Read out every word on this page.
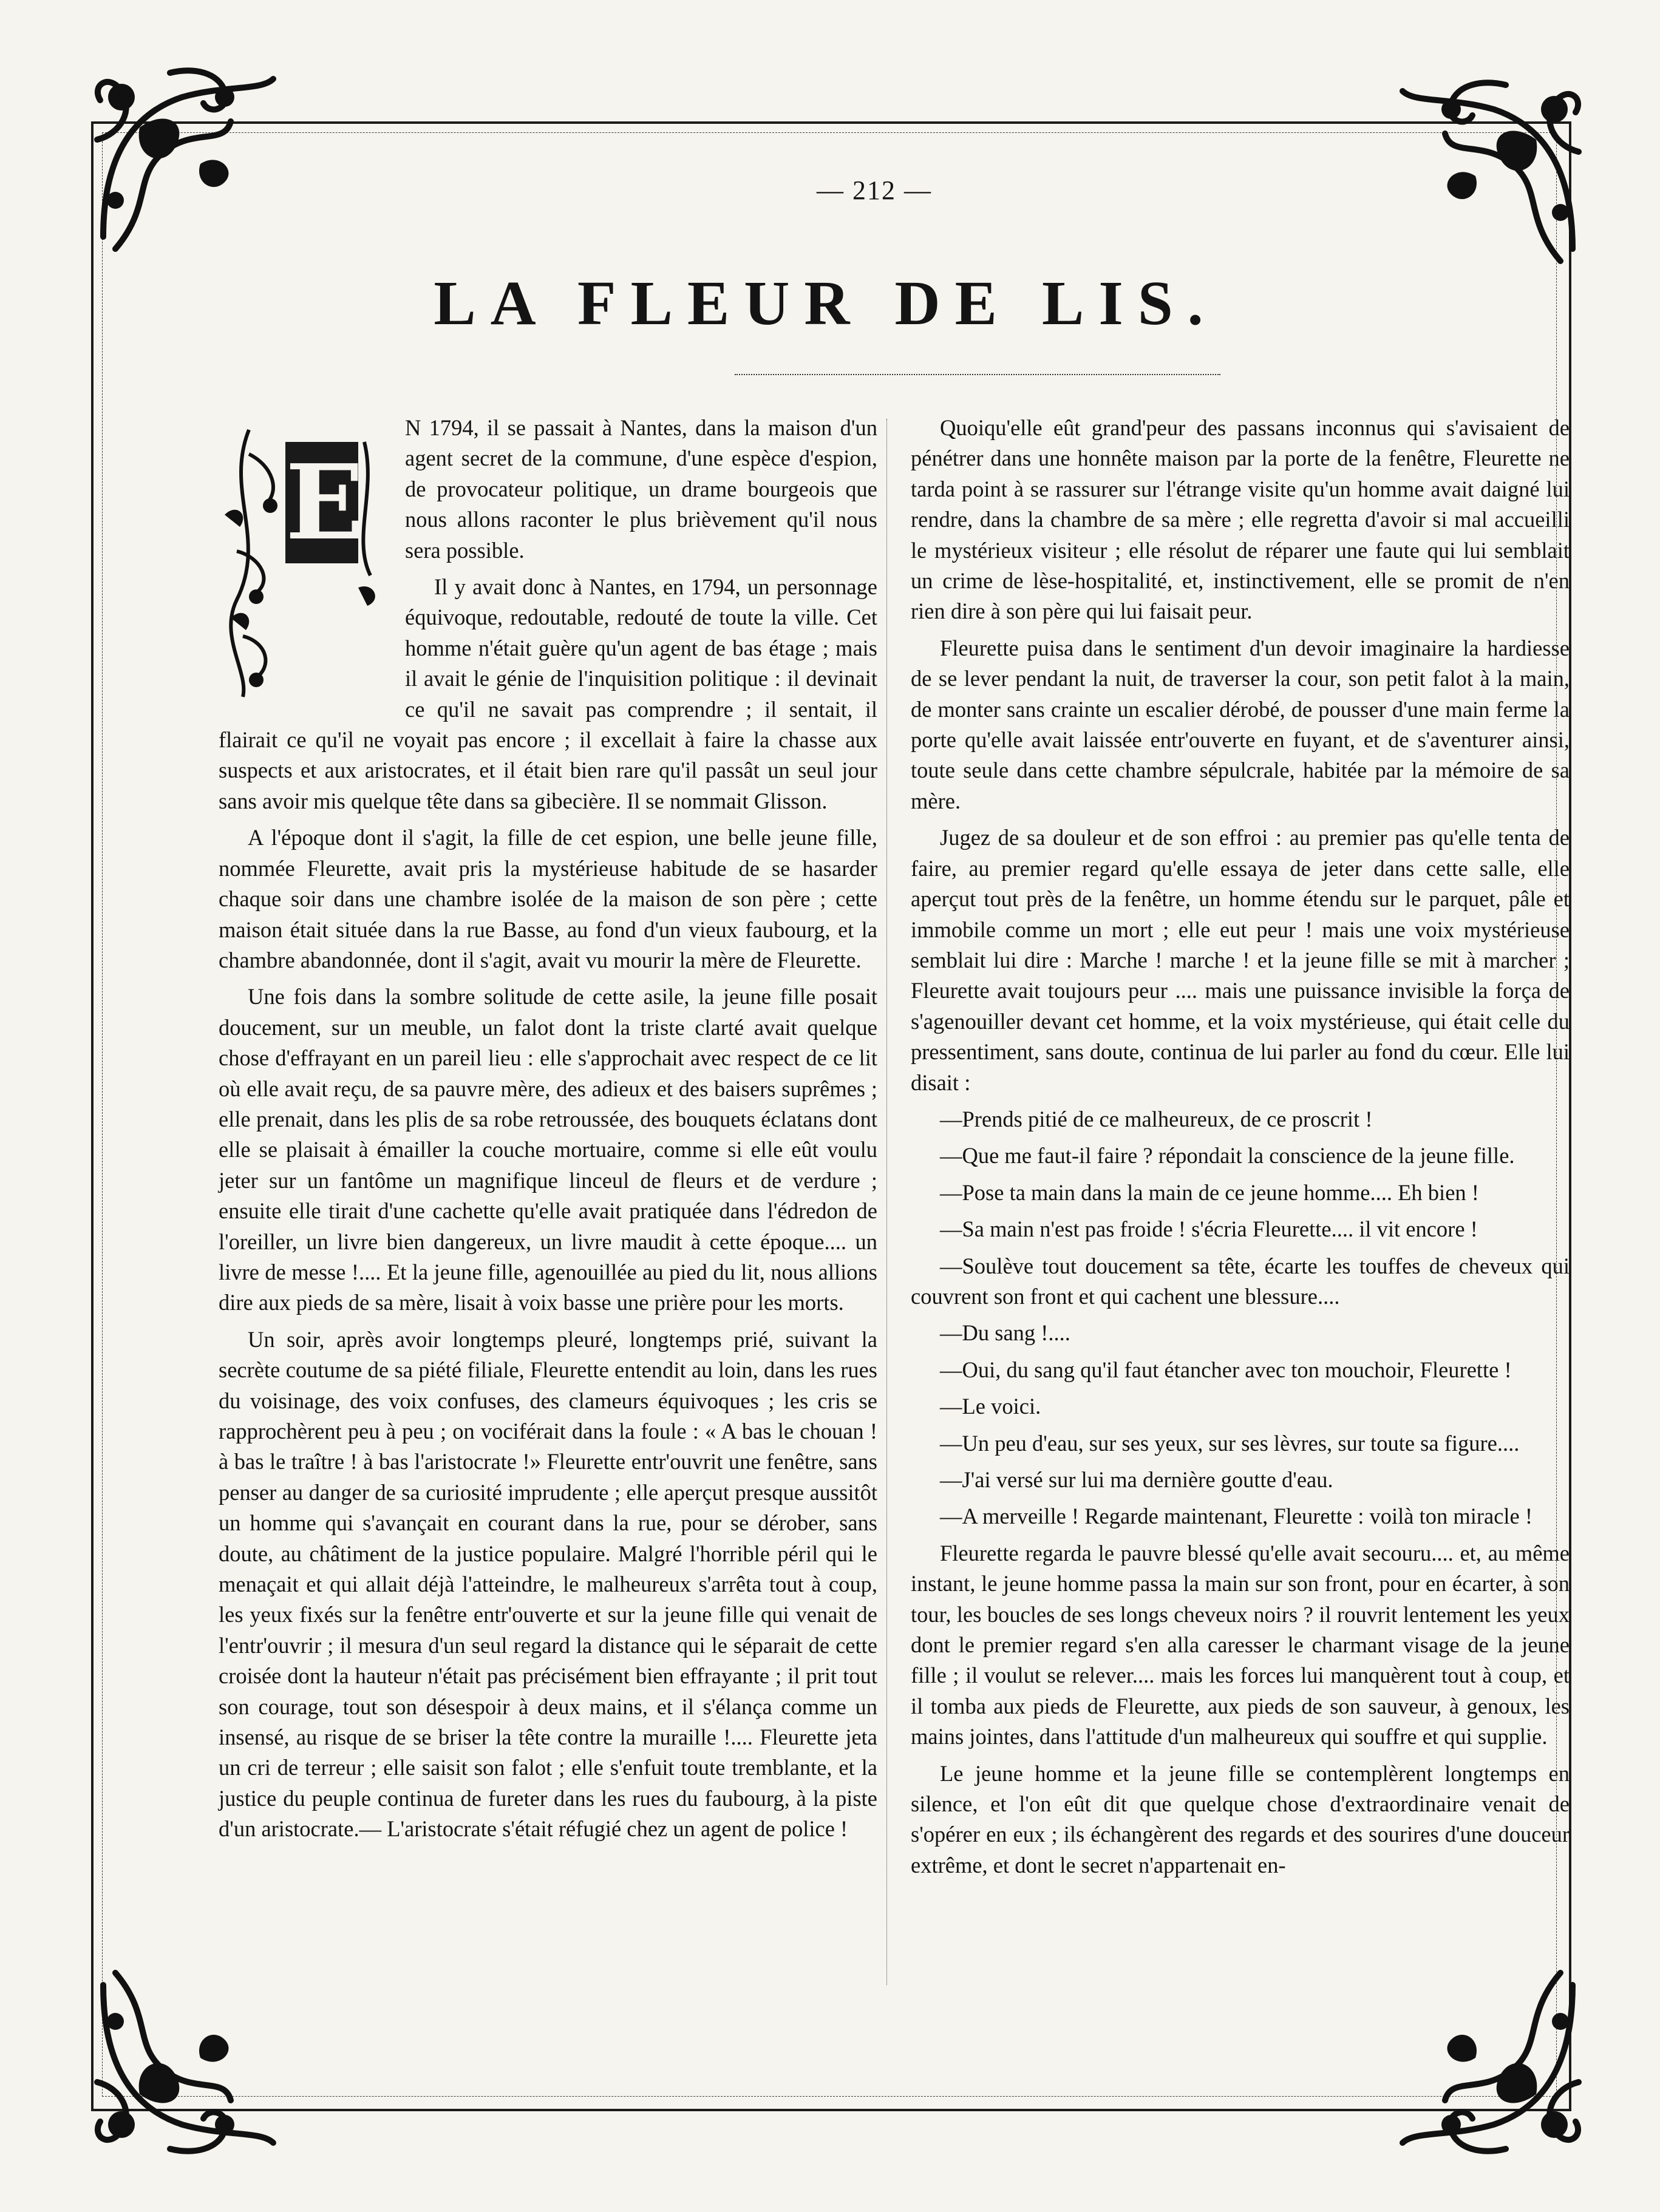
— 212 —
LA FLEUR DE LIS.
E

N 1794, il se passait à Nantes, dans la maison d'un agent secret de la commune, d'une espèce d'espion, de provocateur politique, un drame bourgeois que nous allons raconter le plus brièvement qu'il nous sera possible.

Il y avait donc à Nantes, en 1794, un personnage équivoque, redoutable, redouté de toute la ville. Cet homme n'était guère qu'un agent de bas étage ; mais il avait le génie de l'inquisition politique : il devinait ce qu'il ne savait pas comprendre ; il sentait, il flairait ce qu'il ne voyait pas encore ; il excellait à faire la chasse aux suspects et aux aristocrates, et il était bien rare qu'il passât un seul jour sans avoir mis quelque tête dans sa gibecière. Il se nommait Glisson.

A l'époque dont il s'agit, la fille de cet espion, une belle jeune fille, nommée Fleurette, avait pris la mystérieuse habitude de se hasarder chaque soir dans une chambre isolée de la maison de son père ; cette maison était située dans la rue Basse, au fond d'un vieux faubourg, et la chambre abandonnée, dont il s'agit, avait vu mourir la mère de Fleurette.

Une fois dans la sombre solitude de cette asile, la jeune fille posait doucement, sur un meuble, un falot dont la triste clarté avait quelque chose d'effrayant en un pareil lieu : elle s'approchait avec respect de ce lit où elle avait reçu, de sa pauvre mère, des adieux et des baisers suprêmes ; elle prenait, dans les plis de sa robe retroussée, des bouquets éclatans dont elle se plaisait à émailler la couche mortuaire, comme si elle eût voulu jeter sur un fantôme un magnifique linceul de fleurs et de verdure ; ensuite elle tirait d'une cachette qu'elle avait pratiquée dans l'édredon de l'oreiller, un livre bien dangereux, un livre maudit à cette époque.... un livre de messe !.... Et la jeune fille, agenouillée au pied du lit, nous allions dire aux pieds de sa mère, lisait à voix basse une prière pour les morts.

Un soir, après avoir longtemps pleuré, longtemps prié, suivant la secrète coutume de sa piété filiale, Fleurette entendit au loin, dans les rues du voisinage, des voix confuses, des clameurs équivoques ; les cris se rapprochèrent peu à peu ; on vociférait dans la foule : « A bas le chouan ! à bas le traître ! à bas l'aristocrate !» Fleurette entr'ouvrit une fenêtre, sans penser au danger de sa curiosité imprudente ; elle aperçut presque aussitôt un homme qui s'avançait en courant dans la rue, pour se dérober, sans doute, au châtiment de la justice populaire. Malgré l'horrible péril qui le menaçait et qui allait déjà l'atteindre, le malheureux s'arrêta tout à coup, les yeux fixés sur la fenêtre entr'ouverte et sur la jeune fille qui venait de l'entr'ouvrir ; il mesura d'un seul regard la distance qui le séparait de cette croisée dont la hauteur n'était pas précisément bien effrayante ; il prit tout son courage, tout son désespoir à deux mains, et il s'élança comme un insensé, au risque de se briser la tête contre la muraille !.... Fleurette jeta un cri de terreur ; elle saisit son falot ; elle s'enfuit toute tremblante, et la justice du peuple continua de fureter dans les rues du faubourg, à la piste d'un aristocrate.— L'aristocrate s'était réfugié chez un agent de police !

Quoiqu'elle eût grand'peur des passans inconnus qui s'avisaient de pénétrer dans une honnête maison par la porte de la fenêtre, Fleurette ne tarda point à se rassurer sur l'étrange visite qu'un homme avait daigné lui rendre, dans la chambre de sa mère ; elle regretta d'avoir si mal accueilli le mystérieux visiteur ; elle résolut de réparer une faute qui lui semblait un crime de lèse-hospitalité, et, instinctivement, elle se promit de n'en rien dire à son père qui lui faisait peur.

Fleurette puisa dans le sentiment d'un devoir imaginaire la hardiesse de se lever pendant la nuit, de traverser la cour, son petit falot à la main, de monter sans crainte un escalier dérobé, de pousser d'une main ferme la porte qu'elle avait laissée entr'ouverte en fuyant, et de s'aventurer ainsi, toute seule dans cette chambre sépulcrale, habitée par la mémoire de sa mère.

Jugez de sa douleur et de son effroi : au premier pas qu'elle tenta de faire, au premier regard qu'elle essaya de jeter dans cette salle, elle aperçut tout près de la fenêtre, un homme étendu sur le parquet, pâle et immobile comme un mort ; elle eut peur ! mais une voix mystérieuse semblait lui dire : Marche ! marche ! et la jeune fille se mit à marcher ; Fleurette avait toujours peur .... mais une puissance invisible la força de s'agenouiller devant cet homme, et la voix mystérieuse, qui était celle du pressentiment, sans doute, continua de lui parler au fond du cœur. Elle lui disait :

—Prends pitié de ce malheureux, de ce proscrit !

—Que me faut-il faire ? répondait la conscience de la jeune fille.

—Pose ta main dans la main de ce jeune homme.... Eh bien !

—Sa main n'est pas froide ! s'écria Fleurette.... il vit encore !

—Soulève tout doucement sa tête, écarte les touffes de cheveux qui couvrent son front et qui cachent une blessure....

—Du sang !....

—Oui, du sang qu'il faut étancher avec ton mouchoir, Fleurette !

—Le voici.

—Un peu d'eau, sur ses yeux, sur ses lèvres, sur toute sa figure....

—J'ai versé sur lui ma dernière goutte d'eau.

—A merveille ! Regarde maintenant, Fleurette : voilà ton miracle !

Fleurette regarda le pauvre blessé qu'elle avait secouru.... et, au même instant, le jeune homme passa la main sur son front, pour en écarter, à son tour, les boucles de ses longs cheveux noirs ? il rouvrit lentement les yeux dont le premier regard s'en alla caresser le charmant visage de la jeune fille ; il voulut se relever.... mais les forces lui manquèrent tout à coup, et il tomba aux pieds de Fleurette, aux pieds de son sauveur, à genoux, les mains jointes, dans l'attitude d'un malheureux qui souffre et qui supplie.

Le jeune homme et la jeune fille se contemplèrent longtemps en silence, et l'on eût dit que quelque chose d'extraordinaire venait de s'opérer en eux ; ils échangèrent des regards et des sourires d'une douceur extrême, et dont le secret n'appartenait en-
